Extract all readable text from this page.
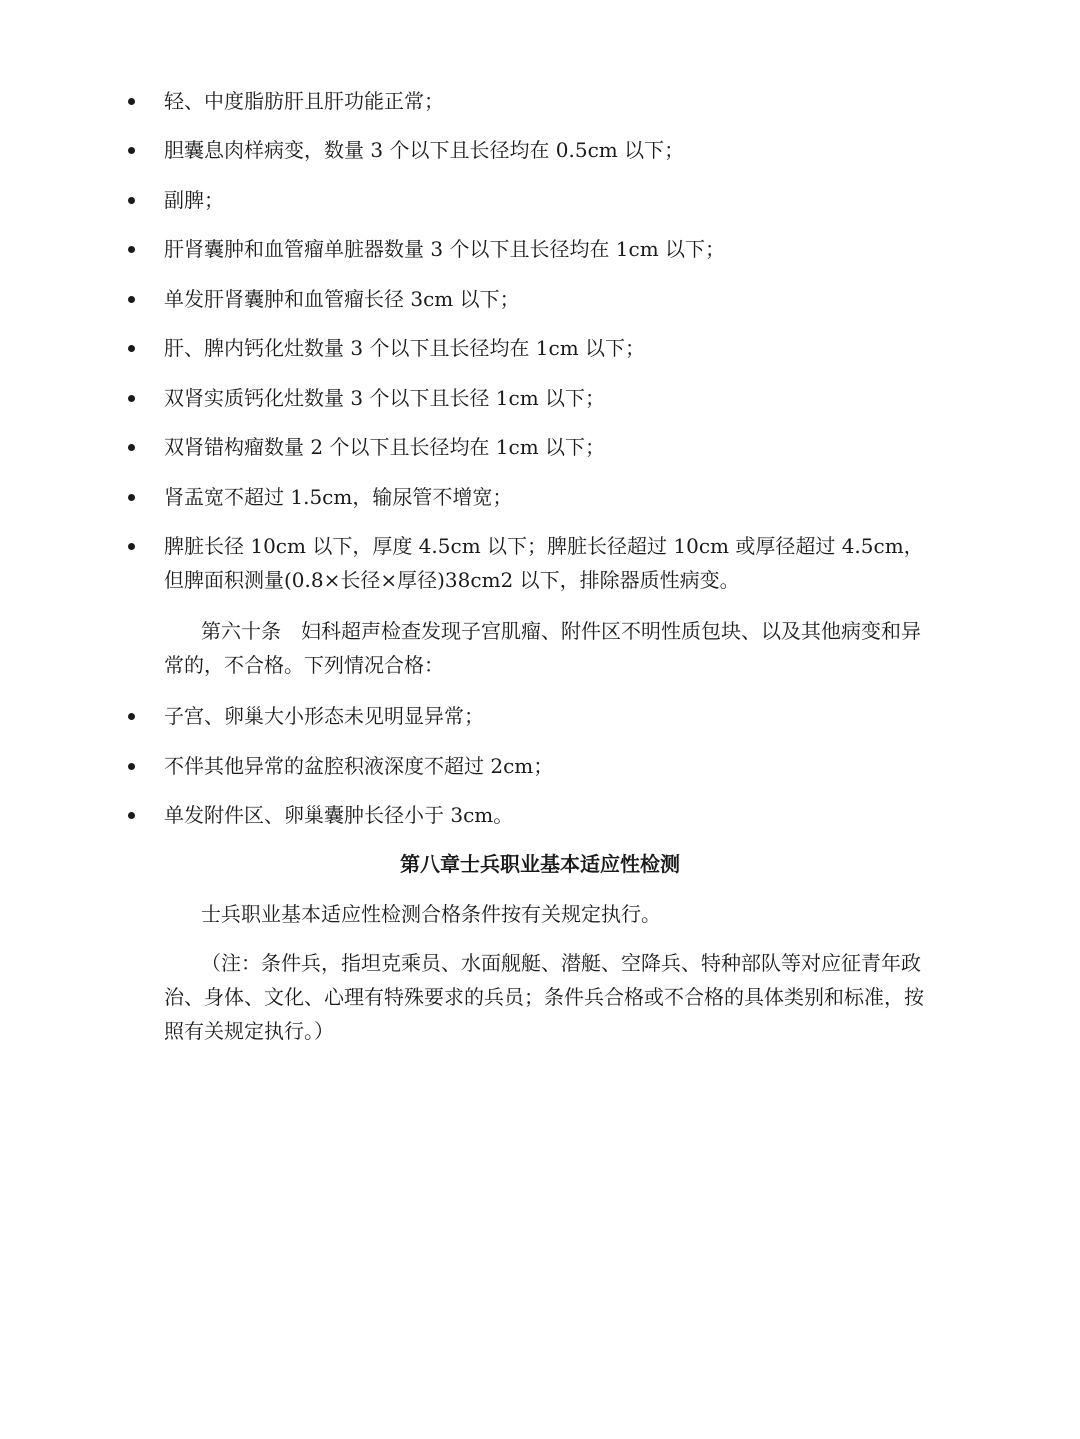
轻、中度脂肪肝且肝功能正常；
胆囊息肉样病变，数量 3 个以下且长径均在 0.5cm 以下；
副脾；
肝肾囊肿和血管瘤单脏器数量 3 个以下且长径均在 1cm 以下；
单发肝肾囊肿和血管瘤长径 3cm 以下；
肝、脾内钙化灶数量 3 个以下且长径均在 1cm 以下；
双肾实质钙化灶数量 3 个以下且长径 1cm 以下；
双肾错构瘤数量 2 个以下且长径均在 1cm 以下；
肾盂宽不超过 1.5cm，输尿管不增宽；
脾脏长径 10cm 以下，厚度 4.5cm 以下；脾脏长径超过 10cm 或厚径超过 4.5cm，但脾面积测量(0.8×长径×厚径)38cm2 以下，排除器质性病变。
第六十条　妇科超声检查发现子宫肌瘤、附件区不明性质包块、以及其他病变和异常的，不合格。下列情况合格：
子宫、卵巢大小形态未见明显异常；
不伴其他异常的盆腔积液深度不超过 2cm；
单发附件区、卵巢囊肿长径小于 3cm。
第八章士兵职业基本适应性检测
士兵职业基本适应性检测合格条件按有关规定执行。
（注：条件兵，指坦克乘员、水面舰艇、潜艇、空降兵、特种部队等对应征青年政治、身体、文化、心理有特殊要求的兵员；条件兵合格或不合格的具体类别和标准，按照有关规定执行。）
